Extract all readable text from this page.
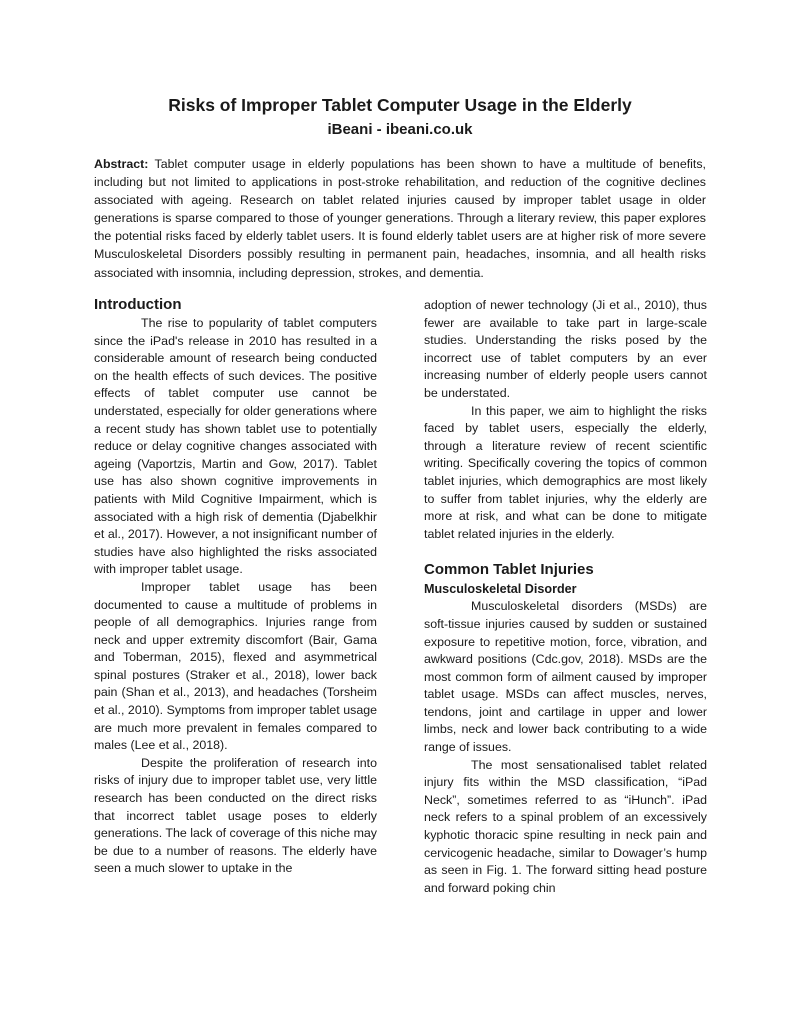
Risks of Improper Tablet Computer Usage in the Elderly
iBeani - ibeani.co.uk

Abstract: Tablet computer usage in elderly populations has been shown to have a multitude of benefits, including but not limited to applications in post-stroke rehabilitation, and reduction of the cognitive declines associated with ageing. Research on tablet related injuries caused by improper tablet usage in older generations is sparse compared to those of younger generations. Through a literary review, this paper explores the potential risks faced by elderly tablet users. It is found elderly tablet users are at higher risk of more severe Musculoskeletal Disorders possibly resulting in permanent pain, headaches, insomnia, and all health risks associated with insomnia, including depression, strokes, and dementia.

Introduction

The rise to popularity of tablet computers since the iPad's release in 2010 has resulted in a considerable amount of research being conducted on the health effects of such devices. The positive effects of tablet computer use cannot be understated, especially for older generations where a recent study has shown tablet use to potentially reduce or delay cognitive changes associated with ageing (Vaportzis, Martin and Gow, 2017). Tablet use has also shown cognitive improvements in patients with Mild Cognitive Impairment, which is associated with a high risk of dementia (Djabelkhir et al., 2017). However, a not insignificant number of studies have also highlighted the risks associated with improper tablet usage.

Improper tablet usage has been documented to cause a multitude of problems in people of all demographics. Injuries range from neck and upper extremity discomfort (Bair, Gama and Toberman, 2015), flexed and asymmetrical spinal postures (Straker et al., 2018), lower back pain (Shan et al., 2013), and headaches (Torsheim et al., 2010). Symptoms from improper tablet usage are much more prevalent in females compared to males (Lee et al., 2018).

Despite the proliferation of research into risks of injury due to improper tablet use, very little research has been conducted on the direct risks that incorrect tablet usage poses to elderly generations. The lack of coverage of this niche may be due to a number of reasons. The elderly have seen a much slower to uptake in the

adoption of newer technology (Ji et al., 2010), thus fewer are available to take part in large-scale studies. Understanding the risks posed by the incorrect use of tablet computers by an ever increasing number of elderly people users cannot be understated.

In this paper, we aim to highlight the risks faced by tablet users, especially the elderly, through a literature review of recent scientific writing. Specifically covering the topics of common tablet injuries, which demographics are most likely to suffer from tablet injuries, why the elderly are more at risk, and what can be done to mitigate tablet related injuries in the elderly.

Common Tablet Injuries
Musculoskeletal Disorder

Musculoskeletal disorders (MSDs) are soft-tissue injuries caused by sudden or sustained exposure to repetitive motion, force, vibration, and awkward positions (Cdc.gov, 2018). MSDs are the most common form of ailment caused by improper tablet usage. MSDs can affect muscles, nerves, tendons, joint and cartilage in upper and lower limbs, neck and lower back contributing to a wide range of issues.

The most sensationalised tablet related injury fits within the MSD classification, “iPad Neck”, sometimes referred to as “iHunch”. iPad neck refers to a spinal problem of an excessively kyphotic thoracic spine resulting in neck pain and cervicogenic headache, similar to Dowager’s hump as seen in Fig. 1. The forward sitting head posture and forward poking chin
